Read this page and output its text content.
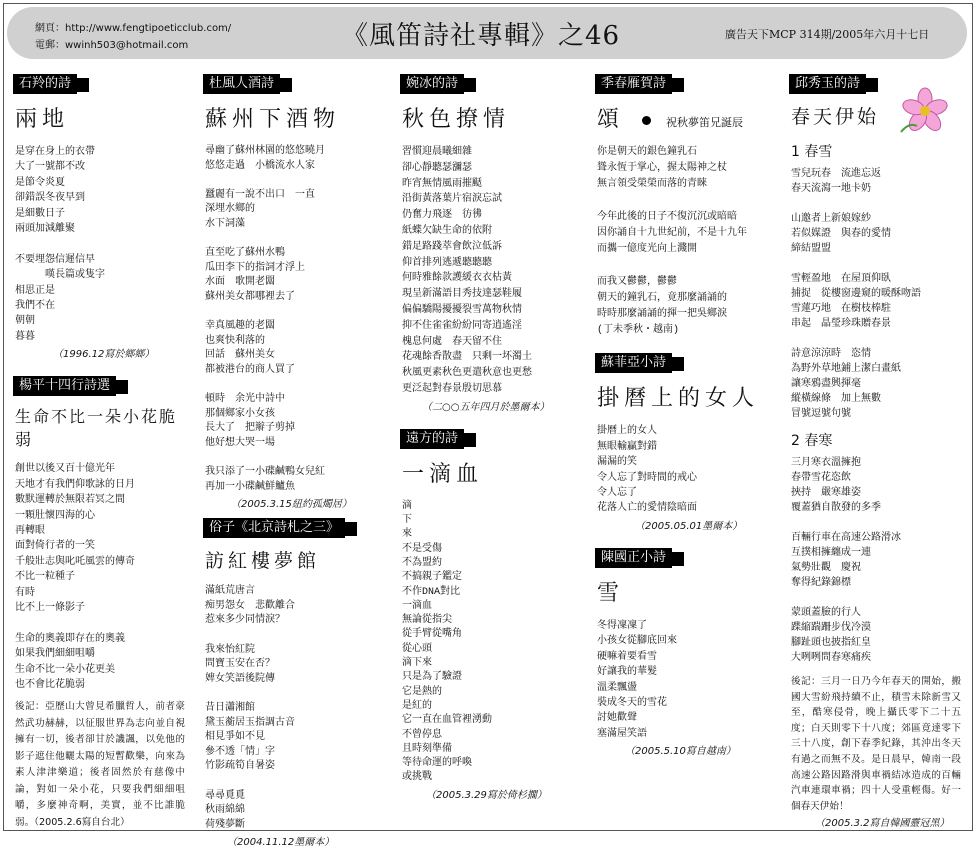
網頁：http://www.fengtipoeticclub.com/
電郵：wwinh503@hotmail.com	《風笛詩社專輯》之46	廣告天下MCP 314期/2005年六月十七日
石羚的詩
兩地
是穿在身上的衣帶
大了一號都不改
是節令炎夏
卻錯誤冬夜早到
是細數日子
兩頭加減離聚

不要埋怨信遲信早
嘆長篇或隻字
相思正是
我們不在
朝朝
暮暮
（1996.12寫於鄉鄉）
楊平十四行詩選
生命不比一朵小花脆弱
創世以後又百十億光年
天地才有我們仰歌詠的日月
數默運轉於無限若冥之間
一顆肚懷四海的心
再轉眼
面對倚行者的一笑
千般壯志與叱吒風雲的傳奇
不比一粒種子
有時
比不上一條影子

生命的奧義即存在的奧義
如果我們細細咀嚼
生命不比一朵小花更美
也不會比花脆弱
後記：亞歷山大曾見希臘哲人，前者豪然武功赫赫，以征服世界為志向並自視擁有一切，後者卻甘於譏諷，以免他的影子遮住他曬太陽的短暫歡樂，向來為素人津津樂道；後者固然於有慈像中論，對如一朵小花，只要我們細細咀嚼，多麼神奇啊，美實，並不比誰脆弱。（2005.2.6寫自台北）
杜風人酒詩
蘇州下酒物
尋幽了蘇州林園的悠悠曉月
悠悠走過　小橋流水人家

蠶麗有一說不出口　一直
深埋水鄉的
水下詞藻

直至吃了蘇州水鴨
瓜田李下的指詞才浮上
水面　歌開老闆
蘇州美女都哪裡去了

幸真風趣的老闆
也爽快利落的
回話　蘇州美女
都被港台的商人買了

頓時　余光中詩中
那個鄉家小女孩
長大了　把辮子剪掉
他好想大哭一場

我只添了一小碟鹹鴨女兒紅
再加一小碟鹹鮮鱸魚
（2005.3.15紐約孤燭居）
俗子《北京詩札之三》
訪紅樓夢館
滿紙荒唐言
痴男怨女　悲歡離合
惹來多少同情淚？

我來怡紅院
問寶玉安在否？
婢女笑語後院傳

昔日瀟湘館
黛玉蘅居玉指調古音
相見爭如不見
參不透「情」字
竹影疏筍自暑姿

尋尋覓覓
秋雨綿綿
荷殘夢斷
（2004.11.12墨爾本）
婉冰的詩
秋色撩情
習慣迎晨曦細雜
卻心靜聽瑟瀰瑟
昨宵無情風雨摧颳
沿街黃落葉片宿淚忘試
仍奮力飛逐　彷彿
紙蝶欠缺生命的依附
錯足路踐萃會飲泣低訴
仰首排列逃遞聽聽聽
何時雅餘款護緩衣衣枯黃
現呈新滿語目秀技達瑟鞋履
偏偏驕陽擾擾裂雪萬物秋情
抑不住雀雀紛紛同寄逍遙淫
槐息何處　春天留不住
花魂餘香散盡　只剩一坏濁土
秋風更素秋色更遣秋意也更愁
更泛起對春景殷切思慕
（二○○五年四月於墨爾本）
遠方的詩
一滴血
滴
下
來
不是受傷
不為盟約
不搞親子鑑定
不作DNA對比
一滴血
無論從指尖
從手臂從嘴角
從心頭
滴下來
只是為了驗證
它是熱的
是紅的
它一直在血管裡湧動
不曾停息
且時刻準備
等待命運的呼喚
或挑戰
（2005.3.29寫於倚杉擱）
季春雁賀詩
頌	祝秋夢笛兄誕辰
你是朝天的銀色鐘乳石
聳永恆于掌心，握太陽神之杖
無言領受榮榮而落的青睞

今年此後的日子不復沉沉或暗暗
因你誦自十九世紀前，不是十九年
而攜一億度光向上濺開

而我又鬱鬱，鬱鬱
朝天的鐘乳石，竟那麼誦誦的
時時那麼誦誦的揮一把吳鄉淚
(丁未季秋・越南)
蘇菲亞小詩
掛曆上的女人
掛曆上的女人
無眼輸贏對錯
漏漏的笑
令人忘了對時間的戒心
令人忘了
花落人亡的愛情陰暗面
（2005.05.01墨爾本）
陳國正小詩
雪
冬得凜凜了
小孩女從腳底回來
硬嘛着要看雪
好讓我的華髮
溫柔飄盪
裝成冬天的雪花
討她歡聲
塞滿屋笑語
（2005.5.10寫自越南）
邱秀玉的詩
春天伊始
1 春雪
雪兒玩春　流進忘返
春天流瀉一地卡奶

山邀者上新娘嫁紗
若似媒證　與春的愛情
締結盟盟

雪輕盈地　在屋頂仰臥
捕捉　從樓窗邊窺的暖酥吻語
雪蓮巧地　在樹枝棒駐
串起　晶瑩珍珠贈春景

詩意涼涼時　恣情
為野外草地鋪上潔白畫紙
讓寒鴉盡興揮毫
縱橫線條　加上無數
冒號逗號句號
2 春寒
三月寒衣溫擁抱
春帶雪花恣飲
挾持　嚴寒雄姿
覆蓋猶自散發的多季

百輛行車在高速公路滑冰
互撲相擁纏成一連
氣勢壯觀　慶祝
奪得紀錄錦標

蒙頭蓋臉的行人
蹀縮踹跚步伐冷漠
腳趾頭也披指紅皇
大咧咧問春寒痛疾
後記：三月一日乃今年春天的開始，搬國大雪紛飛持續不止，積雪未除新雪又至，酷寒侵骨，晚上攝氏零下二十五度；白天則零下十八度；郊區竟達零下三十八度，創下春季紀錄，其沖出冬天有過之而無不及。是日晨早，韓南一段高速公路因路滑與車禍結冰造成的百輛汽車連環車禍；四十人受重輕傷。好一個春天伊始！
（2005.3.2寫自韓國靈冠黑）
